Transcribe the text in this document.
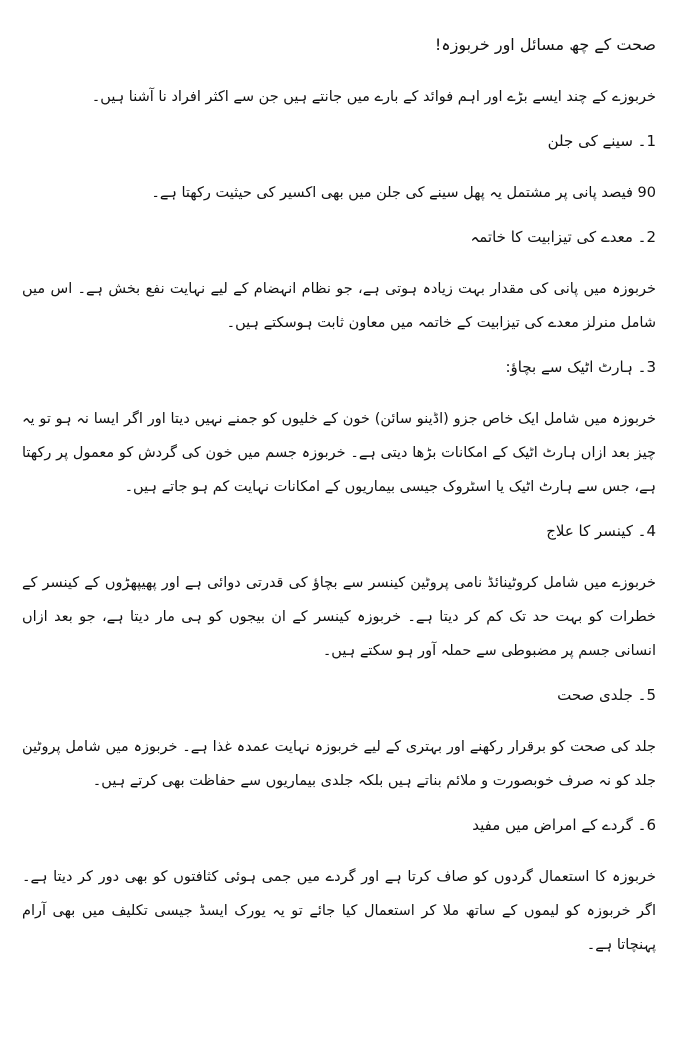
صحت کے چھ مسائل اور خربوزہ!

خربوزے کے چند ایسے بڑے اور اہم فوائد کے بارے میں جانتے ہیں جن سے اکثر افراد نا آشنا ہیں۔

1۔ سینے کی جلن

90 فیصد پانی پر مشتمل یہ پھل سینے کی جلن میں بھی اکسیر کی حیثیت رکھتا ہے۔

2۔ معدے کی تیزابیت کا خاتمہ

خربوزہ میں پانی کی مقدار بہت زیادہ ہوتی ہے، جو نظام انہضام کے لیے نہایت نفع بخش ہے۔ اس میں شامل منرلز معدے کی تیزابیت کے خاتمہ میں معاون ثابت ہوسکتے ہیں۔

3۔ ہارٹ اٹیک سے بچاؤ:

خربوزہ میں شامل ایک خاص جزو (اڈینو سائن) خون کے خلیوں کو جمنے نہیں دیتا اور اگر ایسا نہ ہو تو یہ چیز بعد ازاں ہارٹ اٹیک کے امکانات بڑھا دیتی ہے۔ خربوزہ جسم میں خون کی گردش کو معمول پر رکھتا ہے، جس سے ہارٹ اٹیک یا اسٹروک جیسی بیماریوں کے امکانات نہایت کم ہو جاتے ہیں۔

4۔ کینسر کا علاج

خربوزے میں شامل کروٹینائڈ نامی پروٹین کینسر سے بچاؤ کی قدرتی دوائی ہے اور پھیپھڑوں کے کینسر کے خطرات کو بہت حد تک کم کر دیتا ہے۔ خربوزہ کینسر کے ان بیجوں کو ہی مار دیتا ہے، جو بعد ازاں انسانی جسم پر مضبوطی سے حملہ آور ہو سکتے ہیں۔

5۔ جلدی صحت

جلد کی صحت کو برقرار رکھنے اور بہتری کے لیے خربوزہ نہایت عمدہ غذا ہے۔ خربوزہ میں شامل پروٹین جلد کو نہ صرف خوبصورت و ملائم بناتے ہیں بلکہ جلدی بیماریوں سے حفاظت بھی کرتے ہیں۔

6۔ گردے کے امراض میں مفید

خربوزہ کا استعمال گردوں کو صاف کرتا ہے اور گردے میں جمی ہوئی کثافتوں کو بھی دور کر دیتا ہے۔ اگر خربوزہ کو لیموں کے ساتھ ملا کر استعمال کیا جائے تو یہ یورک ایسڈ جیسی تکلیف میں بھی آرام پہنچاتا ہے۔
